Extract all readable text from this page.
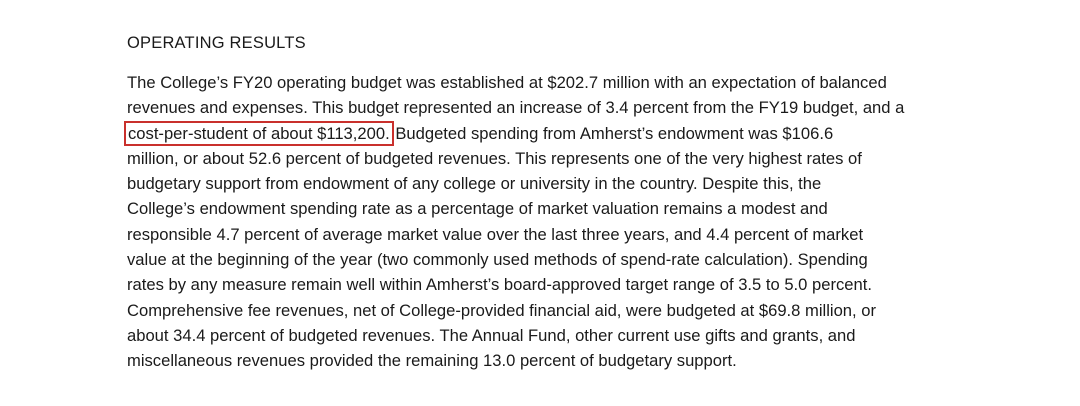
OPERATING RESULTS

The College’s FY20 operating budget was established at $202.7 million with an expectation of balanced
revenues and expenses. This budget represented an increase of 3.4 percent from the FY19 budget, and a
cost-per-student of about $113,200. Budgeted spending from Amherst’s endowment was $106.6
million, or about 52.6 percent of budgeted revenues. This represents one of the very highest rates of
budgetary support from endowment of any college or university in the country. Despite this, the
College’s endowment spending rate as a percentage of market valuation remains a modest and
responsible 4.7 percent of average market value over the last three years, and 4.4 percent of market
value at the beginning of the year (two commonly used methods of spend-rate calculation). Spending
rates by any measure remain well within Amherst’s board-approved target range of 3.5 to 5.0 percent.
Comprehensive fee revenues, net of College-provided financial aid, were budgeted at $69.8 million, or
about 34.4 percent of budgeted revenues. The Annual Fund, other current use gifts and grants, and
miscellaneous revenues provided the remaining 13.0 percent of budgetary support.
